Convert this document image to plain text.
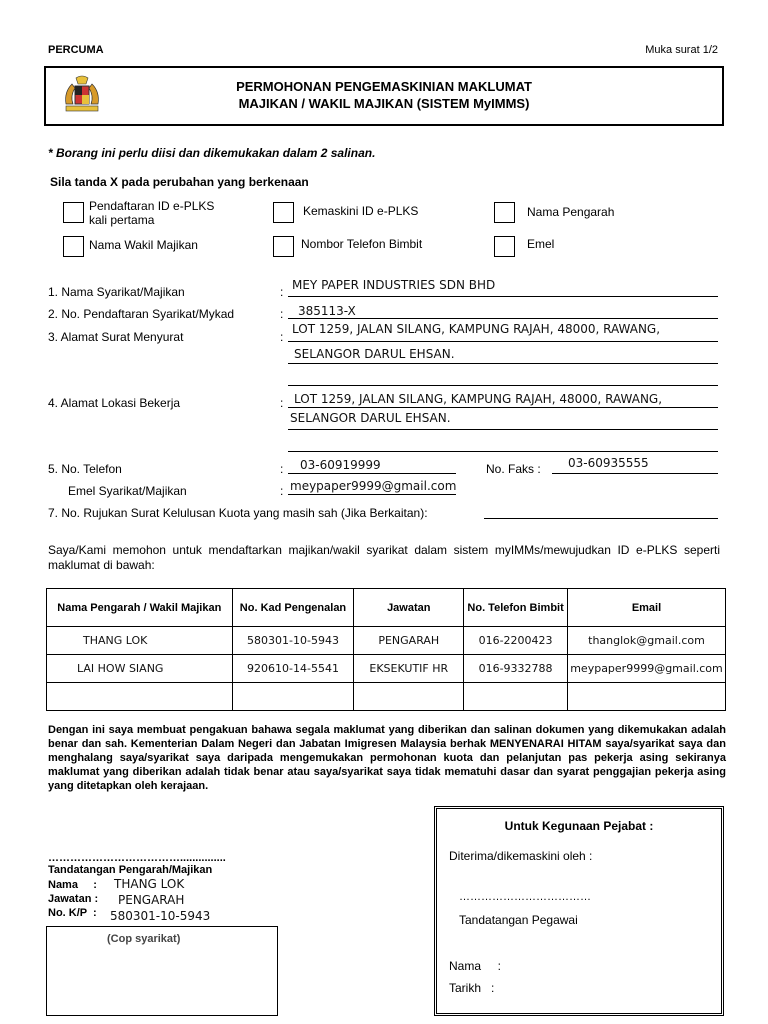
PERCUMA	Muka surat 1/2
PERMOHONAN PENGEMASKINIAN MAKLUMAT
MAJIKAN / WAKIL MAJIKAN (SISTEM MyIMMS)
* Borang ini perlu diisi dan dikemukakan dalam 2 salinan.
Sila tanda X pada perubahan yang berkenaan
Pendaftaran ID e-PLKS
kali pertama
Kemaskini ID e-PLKS	Nama Pengarah
Nama Wakil Majikan	Nombor Telefon Bimbit	Emel
1. Nama Syarikat/Majikan	: MEY PAPER INDUSTRIES SDN BHD
2. No. Pendaftaran Syarikat/Mykad	: 385113-X
3. Alamat Surat Menyurat	:
LOT 1259, JALAN SILANG, KAMPUNG RAJAH, 48000, RAWANG,
SELANGOR DARUL EHSAN.
4. Alamat Lokasi Bekerja	: LOT 1259, JALAN SILANG, KAMPUNG RAJAH, 48000, RAWANG,
SELANGOR DARUL EHSAN.
5. No. Telefon	: 03-60919999	No. Faks : 03-60935555
Emel Syarikat/Majikan	: meypaper9999@gmail.com
7. No. Rujukan Surat Kelulusan Kuota yang masih sah (Jika Berkaitan):
Saya/Kami memohon untuk mendaftarkan majikan/wakil syarikat dalam sistem myIMMs/mewujudkan ID e-PLKS seperti maklumat di bawah:
Nama Pengarah / Wakil Majikan	No. Kad Pengenalan	Jawatan	No. Telefon Bimbit	Email
THANG LOK	580301-10-5943	PENGARAH	016-2200423	thanglok@gmail.com
LAI HOW SIANG	920610-14-5541	EKSEKUTIF HR	016-9332788	meypaper9999@gmail.com

Dengan ini saya membuat pengakuan bahawa segala maklumat yang diberikan dan salinan dokumen yang dikemukakan adalah benar dan sah. Kementerian Dalam Negeri dan Jabatan Imigresen Malaysia berhak MENYENARAI HITAM saya/syarikat saya dan menghalang saya/syarikat saya daripada mengemukakan permohonan kuota dan pelanjutan pas pekerja asing sekiranya maklumat yang diberikan adalah tidak benar atau saya/syarikat saya tidak mematuhi dasar dan syarat penggajian pekerja asing yang ditetapkan oleh kerajaan.
………………………………...............
Tandatangan Pengarah/Majikan
Nama     : THANG LOK
Jawatan : PENGARAH
No. K/P  : 580301-10-5943
(Cop syarikat)
Untuk Kegunaan Pejabat :
Diterima/dikemaskini oleh :
………………………………
Tandatangan Pegawai
Nama     :
Tarikh   :
